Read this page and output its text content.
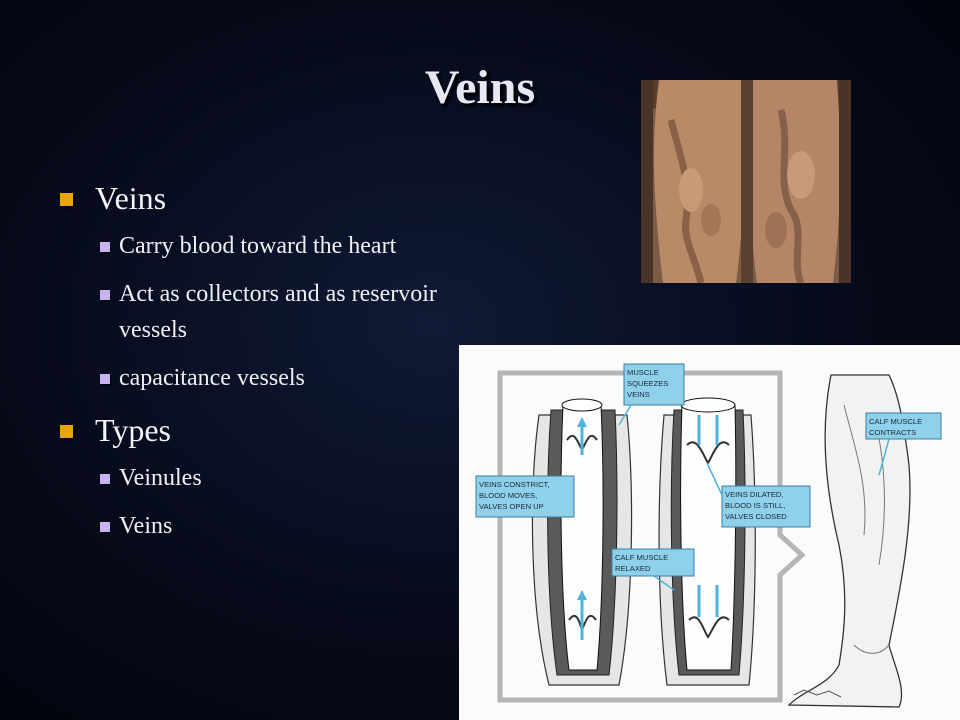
Veins
Veins
Carry blood toward the heart
Act as collectors and as reservoir vessels
capacitance vessels
Types
Veinules
Veins
MUSCLE
SQUEEZES
VEINS
CALF MUSCLE
CONTRACTS
VEINS CONSTRICT,
BLOOD MOVES,
VALVES OPEN UP
VEINS DILATED,
BLOOD IS STILL,
VALVES CLOSED
CALF MUSCLE
RELAXED
